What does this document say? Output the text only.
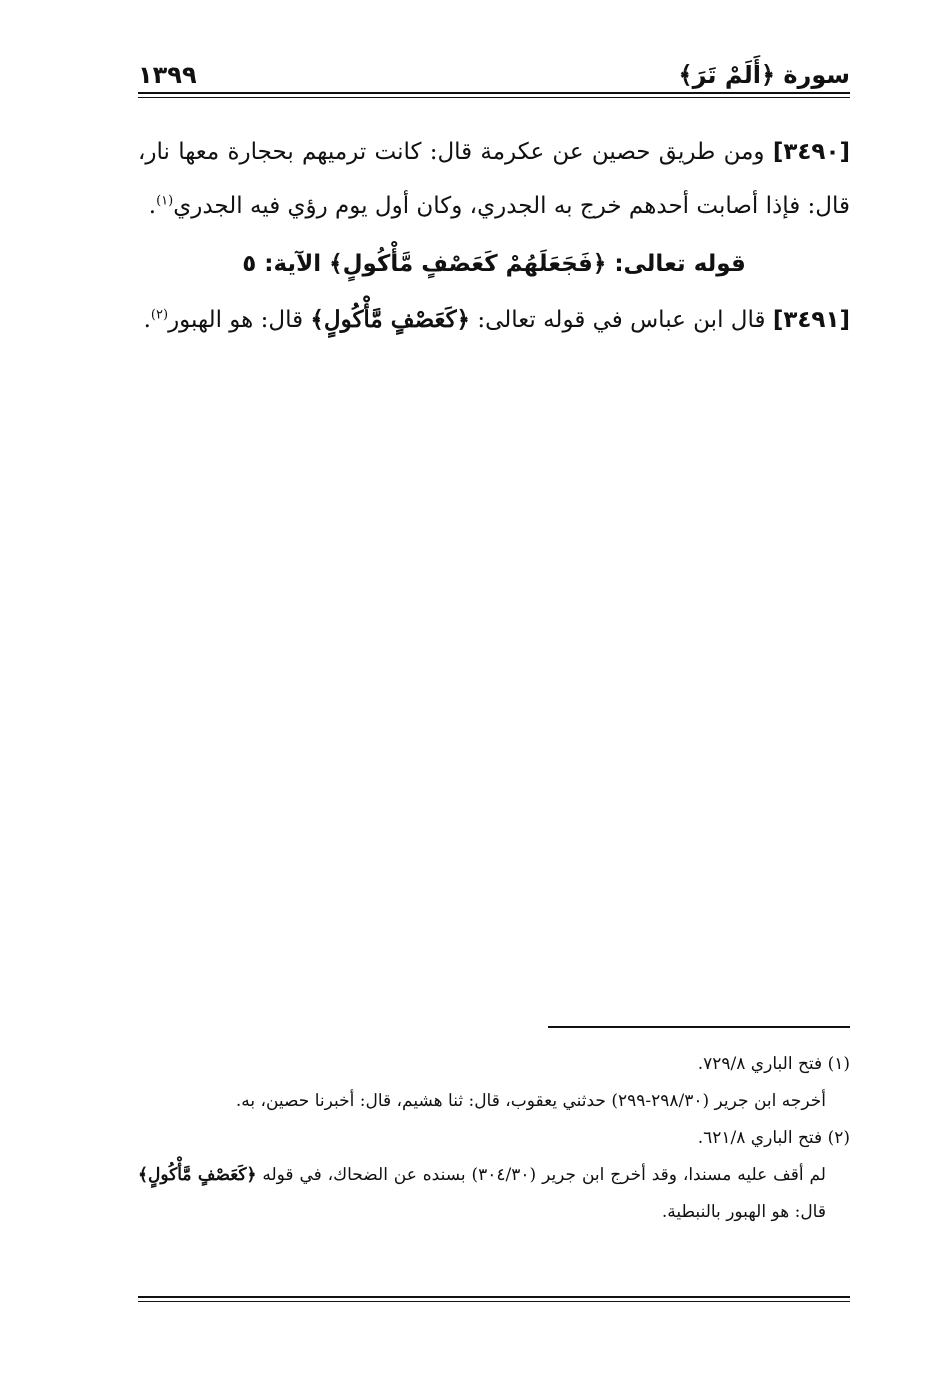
سورة ﴿أَلَمْ تَرَ﴾
١٣٩٩

[٣٤٩٠] ومن طريق حصين عن عكرمة قال: كانت ترميهم بحجارة معها نار، قال: فإذا أصابت أحدهم خرج به الجدري، وكان أول يوم رؤي فيه الجدري$^{(١)}$.

قوله تعالى: ﴿فَجَعَلَهُمْ كَعَصْفٍ مَّأْكُولٍ﴾ الآية: ٥

[٣٤٩١] قال ابن عباس في قوله تعالى: ﴿كَعَصْفٍ مَّأْكُولٍ﴾ قال: هو الهبور$^{(٢)}$.

(١) فتح الباري ٧٢٩/٨.

أخرجه ابن جرير (٢٩٨/٣٠-٢٩٩) حدثني يعقوب، قال: ثنا هشيم، قال: أخبرنا حصين، به.

(٢) فتح الباري ٦٢١/٨.

لم أقف عليه مسندا، وقد أخرج ابن جرير (٣٠٤/٣٠) بسنده عن الضحاك، في قوله ﴿كَعَصْفٍ مَّأْكُولٍ﴾ قال: هو الهبور بالنبطية.
